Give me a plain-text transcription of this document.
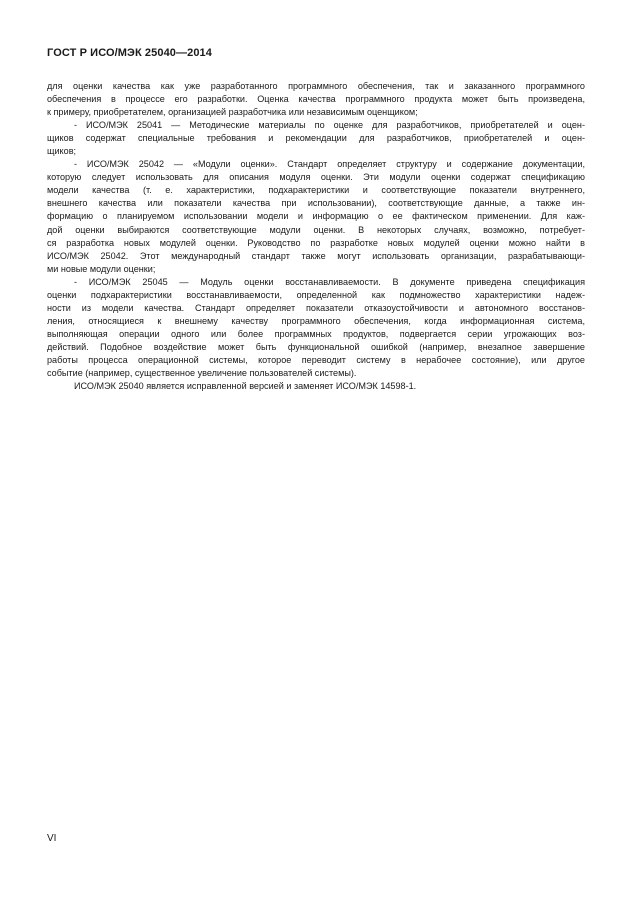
ГОСТ Р ИСО/МЭК 25040—2014
для оценки качества как уже разработанного программного обеспечения, так и заказанного программного
обеспечения в процессе его разработки. Оценка качества программного продукта может быть произведена,
к примеру, приобретателем, организацией разработчика или независимым оценщиком;
- ИСО/МЭК 25041 — Методические материалы по оценке для разработчиков, приобретателей и оцен-
щиков содержат специальные требования и рекомендации для разработчиков, приобретателей и оцен-
щиков;
- ИСО/МЭК 25042 — «Модули оценки». Стандарт определяет структуру и содержание документации,
которую следует использовать для описания модуля оценки. Эти модули оценки содержат спецификацию
модели качества (т. е. характеристики, подхарактеристики и соответствующие показатели внутреннего,
внешнего качества или показатели качества при использовании), соответствующие данные, а также ин-
формацию о планируемом использовании модели и информацию о ее фактическом применении. Для каж-
дой оценки выбираются соответствующие модули оценки. В некоторых случаях, возможно, потребует-
ся разработка новых модулей оценки. Руководство по разработке новых модулей оценки можно найти в
ИСО/МЭК 25042. Этот международный стандарт также могут использовать организации, разрабатывающи-
ми новые модули оценки;
- ИСО/МЭК 25045 — Модуль оценки восстанавливаемости. В документе приведена спецификация
оценки подхарактеристики восстанавливаемости, определенной как подмножество характеристики надеж-
ности из модели качества. Стандарт определяет показатели отказоустойчивости и автономного восстанов-
ления, относящиеся к внешнему качеству программного обеспечения, когда информационная система,
выполняющая операции одного или более программных продуктов, подвергается серии угрожающих воз-
действий. Подобное воздействие может быть функциональной ошибкой (например, внезапное завершение
работы процесса операционной системы, которое переводит систему в нерабочее состояние), или другое
событие (например, существенное увеличение пользователей системы).
ИСО/МЭК 25040 является исправленной версией и заменяет ИСО/МЭК 14598-1.
VI
